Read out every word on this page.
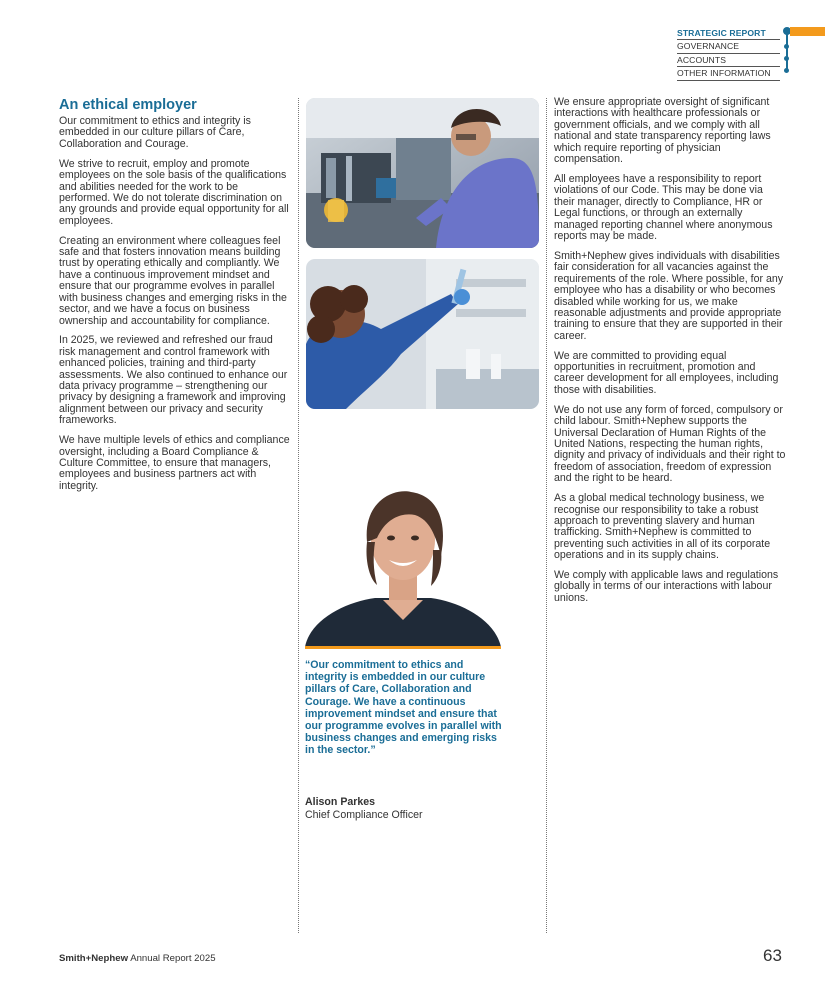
STRATEGIC REPORT
GOVERNANCE
ACCOUNTS
OTHER INFORMATION
An ethical employer

Our commitment to ethics and integrity is embedded in our culture pillars of Care, Collaboration and Courage.

We strive to recruit, employ and promote employees on the sole basis of the qualifications and abilities needed for the work to be performed. We do not tolerate discrimination on any grounds and provide equal opportunity for all employees.

Creating an environment where colleagues feel safe and that fosters innovation means building trust by operating ethically and compliantly. We have a continuous improvement mindset and ensure that our programme evolves in parallel with business changes and emerging risks in the sector, and we have a focus on business ownership and accountability for compliance.

In 2025, we reviewed and refreshed our fraud risk management and control framework with enhanced policies, training and third-party assessments. We also continued to enhance our data privacy programme – strengthening our privacy by designing a framework and improving alignment between our privacy and security frameworks.

We have multiple levels of ethics and compliance oversight, including a Board Compliance & Culture Committee, to ensure that managers, employees and business partners act with integrity.

“Our commitment to ethics and integrity is embedded in our culture pillars of Care, Collaboration and Courage. We have a continuous improvement mindset and ensure that our programme evolves in parallel with business changes and emerging risks in the sector.”
Alison Parkes
Chief Compliance Officer

We ensure appropriate oversight of significant interactions with healthcare professionals or government officials, and we comply with all national and state transparency reporting laws which require reporting of physician compensation.

All employees have a responsibility to report violations of our Code. This may be done via their manager, directly to Compliance, HR or Legal functions, or through an externally managed reporting channel where anonymous reports may be made.

Smith+Nephew gives individuals with disabilities fair consideration for all vacancies against the requirements of the role. Where possible, for any employee who has a disability or who becomes disabled while working for us, we make reasonable adjustments and provide appropriate training to ensure that they are supported in their career.

We are committed to providing equal opportunities in recruitment, promotion and career development for all employees, including those with disabilities.

We do not use any form of forced, compulsory or child labour. Smith+Nephew supports the Universal Declaration of Human Rights of the United Nations, respecting the human rights, dignity and privacy of individuals and their right to freedom of association, freedom of expression and the right to be heard.

As a global medical technology business, we recognise our responsibility to take a robust approach to preventing slavery and human trafficking. Smith+Nephew is committed to preventing such activities in all of its corporate operations and in its supply chains.

We comply with applicable laws and regulations globally in terms of our interactions with labour unions.

Smith+Nephew Annual Report 2025	63
